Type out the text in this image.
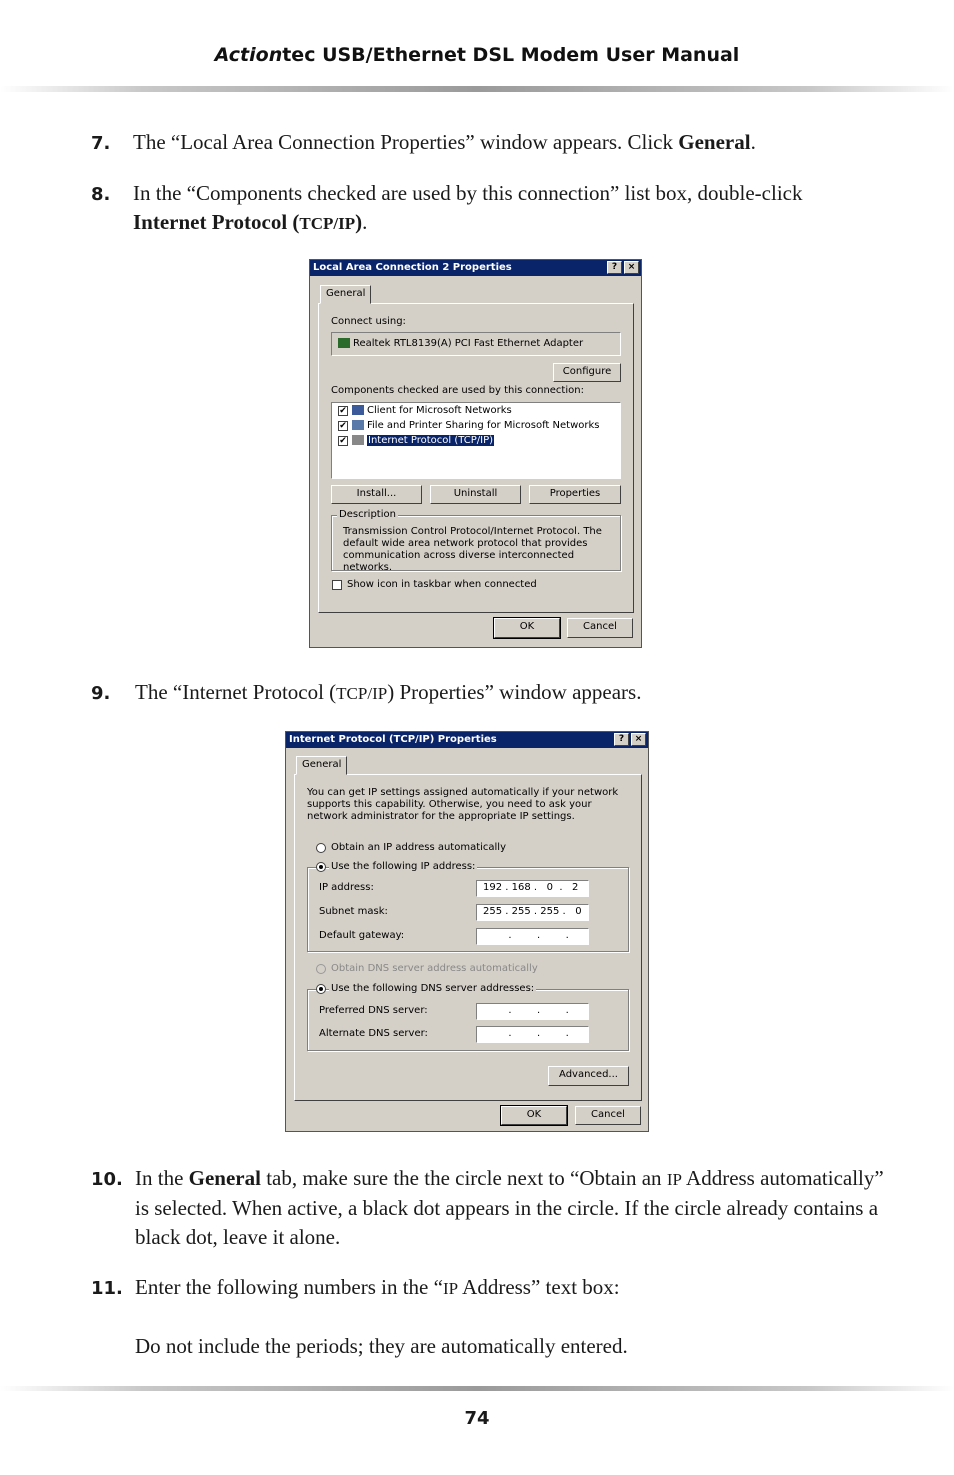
Actiontec USB/Ethernet DSL Modem User Manual
7. The “Local Area Connection Properties” window appears. Click General.
8. In the “Components checked are used by this connection” list box, double-click Internet Protocol (TCP/IP).
Local Area Connection 2 Properties	?	×
General
Connect using:
Realtek RTL8139(A) PCI Fast Ethernet Adapter
Configure
Components checked are used by this connection:
✔	Client for Microsoft Networks
✔	File and Printer Sharing for Microsoft Networks
✔	Internet Protocol (TCP/IP)
Install...	Uninstall	Properties
Description
Transmission Control Protocol/Internet Protocol. The default wide area network protocol that provides communication across diverse interconnected networks.
Show icon in taskbar when connected
OK	Cancel
9. The “Internet Protocol (TCP/IP) Properties” window appears.
Internet Protocol (TCP/IP) Properties	?	×
General
You can get IP settings assigned automatically if your network supports this capability. Otherwise, you need to ask your network administrator for the appropriate IP settings.
Obtain an IP address automatically
Use the following IP address:
IP address:	192 . 168 .   0  .   2
Subnet mask:	255 . 255 . 255 .   0
Default gateway:	.        .        .
Obtain DNS server address automatically
Use the following DNS server addresses:
Preferred DNS server:	.        .        .
Alternate DNS server:	.        .        .
Advanced...
OK	Cancel
10. In the General tab, make sure the the circle next to “Obtain an IP Address automatically” is selected. When active, a black dot appears in the circle. If the circle already contains a black dot, leave it alone.
11. Enter the following numbers in the “IP Address” text box:
Do not include the periods; they are automatically entered.
74
